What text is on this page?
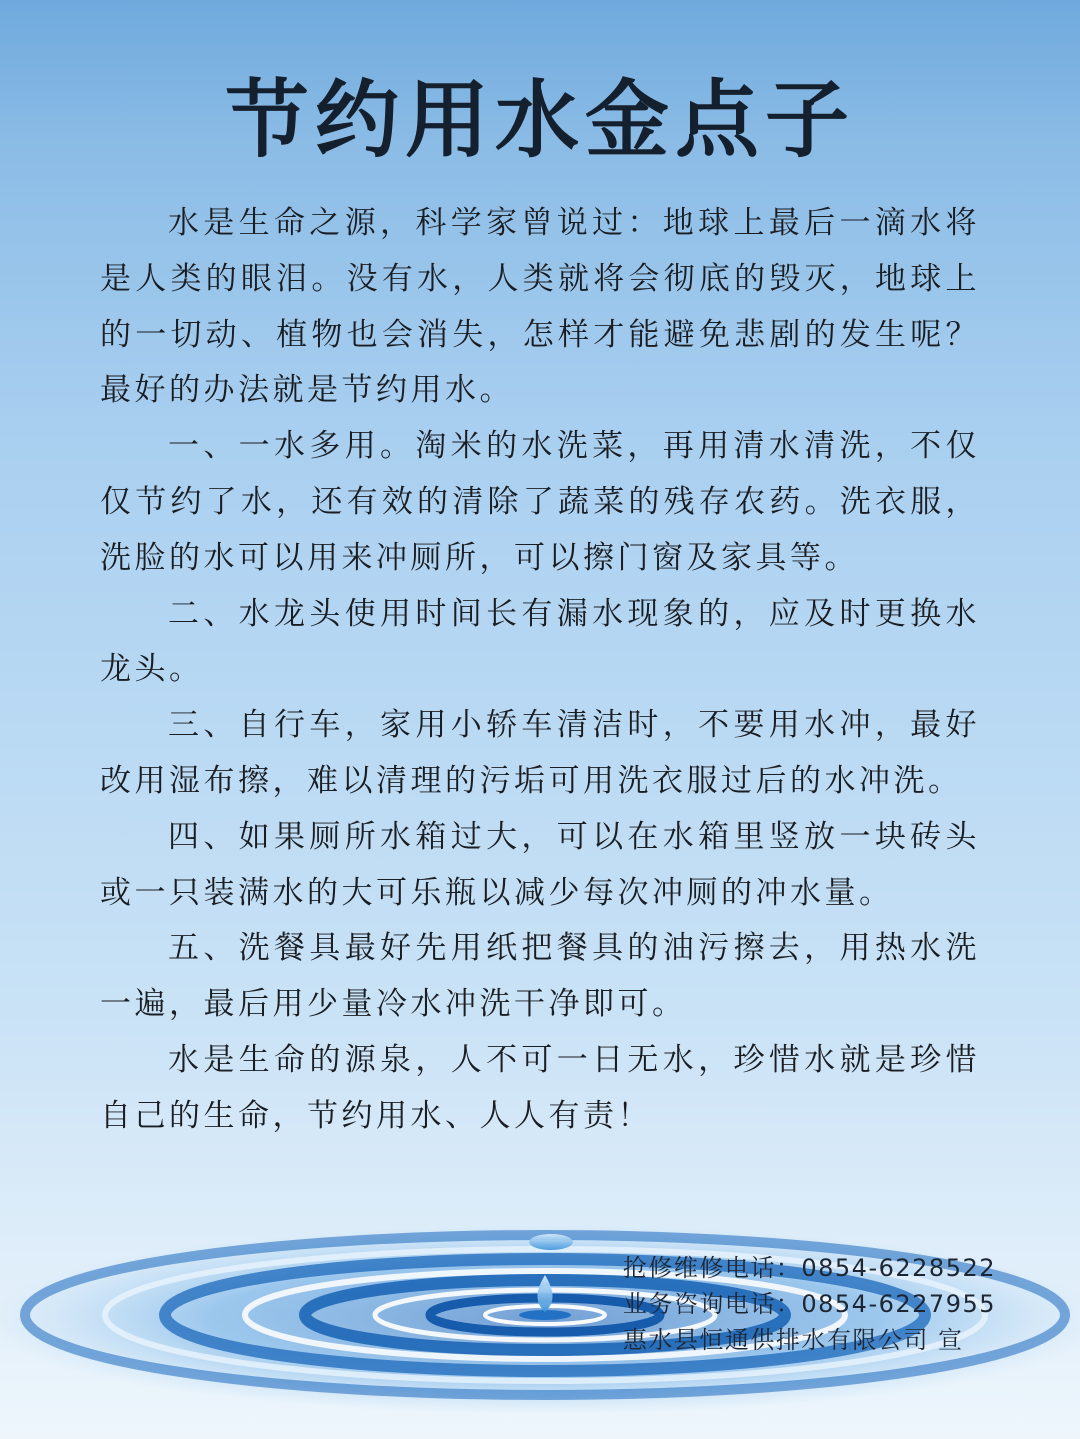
节约用水金点子

水是生命之源，科学家曾说过：地球上最后一滴水将是人类的眼泪。没有水，人类就将会彻底的毁灭，地球上的一切动、植物也会消失，怎样才能避免悲剧的发生呢？最好的办法就是节约用水。

一、一水多用。淘米的水洗菜，再用清水清洗，不仅仅节约了水，还有效的清除了蔬菜的残存农药。洗衣服，洗脸的水可以用来冲厕所，可以擦门窗及家具等。

二、水龙头使用时间长有漏水现象的，应及时更换水龙头。

三、自行车，家用小轿车清洁时，不要用水冲，最好改用湿布擦，难以清理的污垢可用洗衣服过后的水冲洗。

四、如果厕所水箱过大，可以在水箱里竖放一块砖头或一只装满水的大可乐瓶以减少每次冲厕的冲水量。

五、洗餐具最好先用纸把餐具的油污擦去，用热水洗一遍，最后用少量冷水冲洗干净即可。

水是生命的源泉，人不可一日无水，珍惜水就是珍惜自己的生命，节约用水、人人有责！

抢修维修电话：0854-6228522
业务咨询电话：0854-6227955
惠水县恒通供排水有限公司 宣
